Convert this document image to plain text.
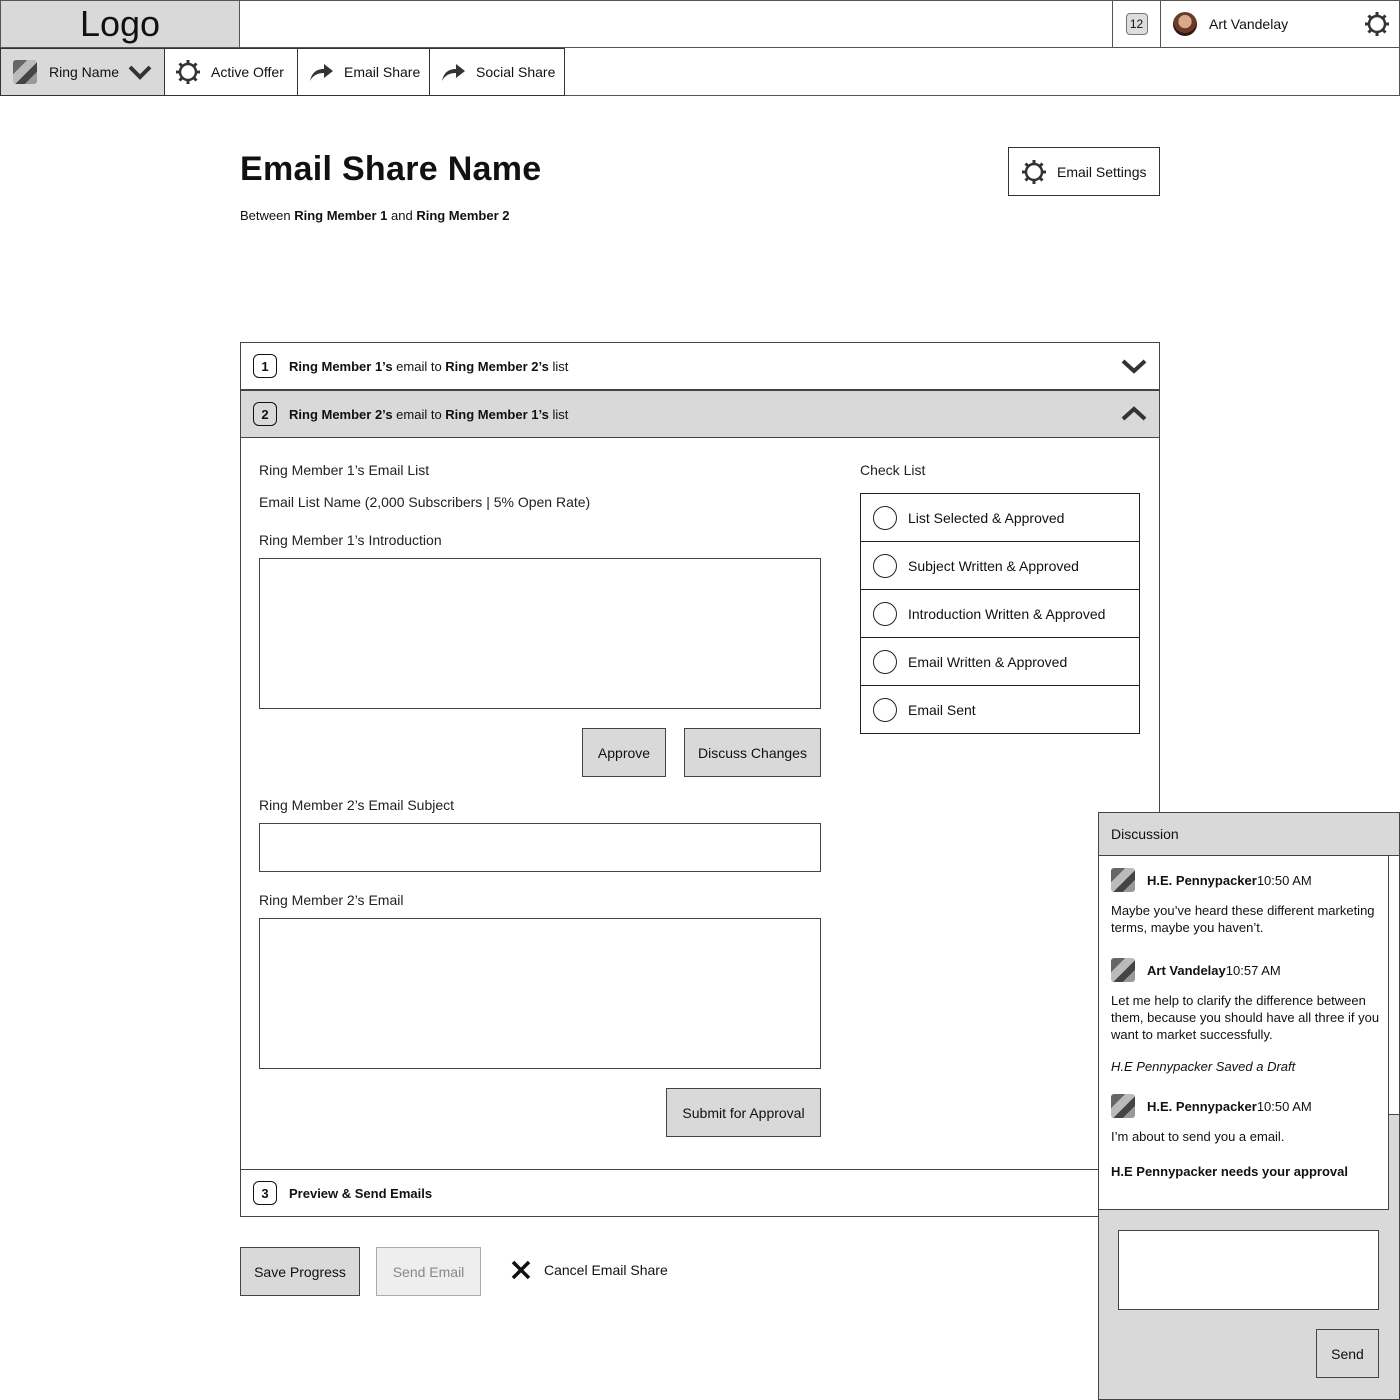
Logo	12	Art Vandelay
Ring Name	Active Offer	Email Share	Social Share
Email Share Name
Between Ring Member 1 and Ring Member 2
Email Settings
1	Ring Member 1’s email to Ring Member 2’s list
2	Ring Member 2’s email to Ring Member 1’s list
Ring Member 1’s Email List
Email List Name (2,000 Subscribers | 5% Open Rate)
Ring Member 1’s Introduction
Approve	Discuss Changes
Ring Member 2’s Email Subject
Ring Member 2’s Email
Submit for Approval
Check List
List Selected & Approved
Subject Written & Approved
Introduction Written & Approved
Email Written & Approved
Email Sent
3	Preview & Send Emails
Save Progress	Send Email	Cancel Email Share
Discussion
H.E. Pennypacker 10:50 AM
Maybe you’ve heard these different marketing terms, maybe you haven’t.
Art Vandelay 10:57 AM
Let me help to clarify the difference between them, because you should have all three if you want to market successfully.
H.E Pennypacker Saved a Draft
H.E. Pennypacker 10:50 AM
I’m about to send you a email.
H.E Pennypacker needs your approval
Send
